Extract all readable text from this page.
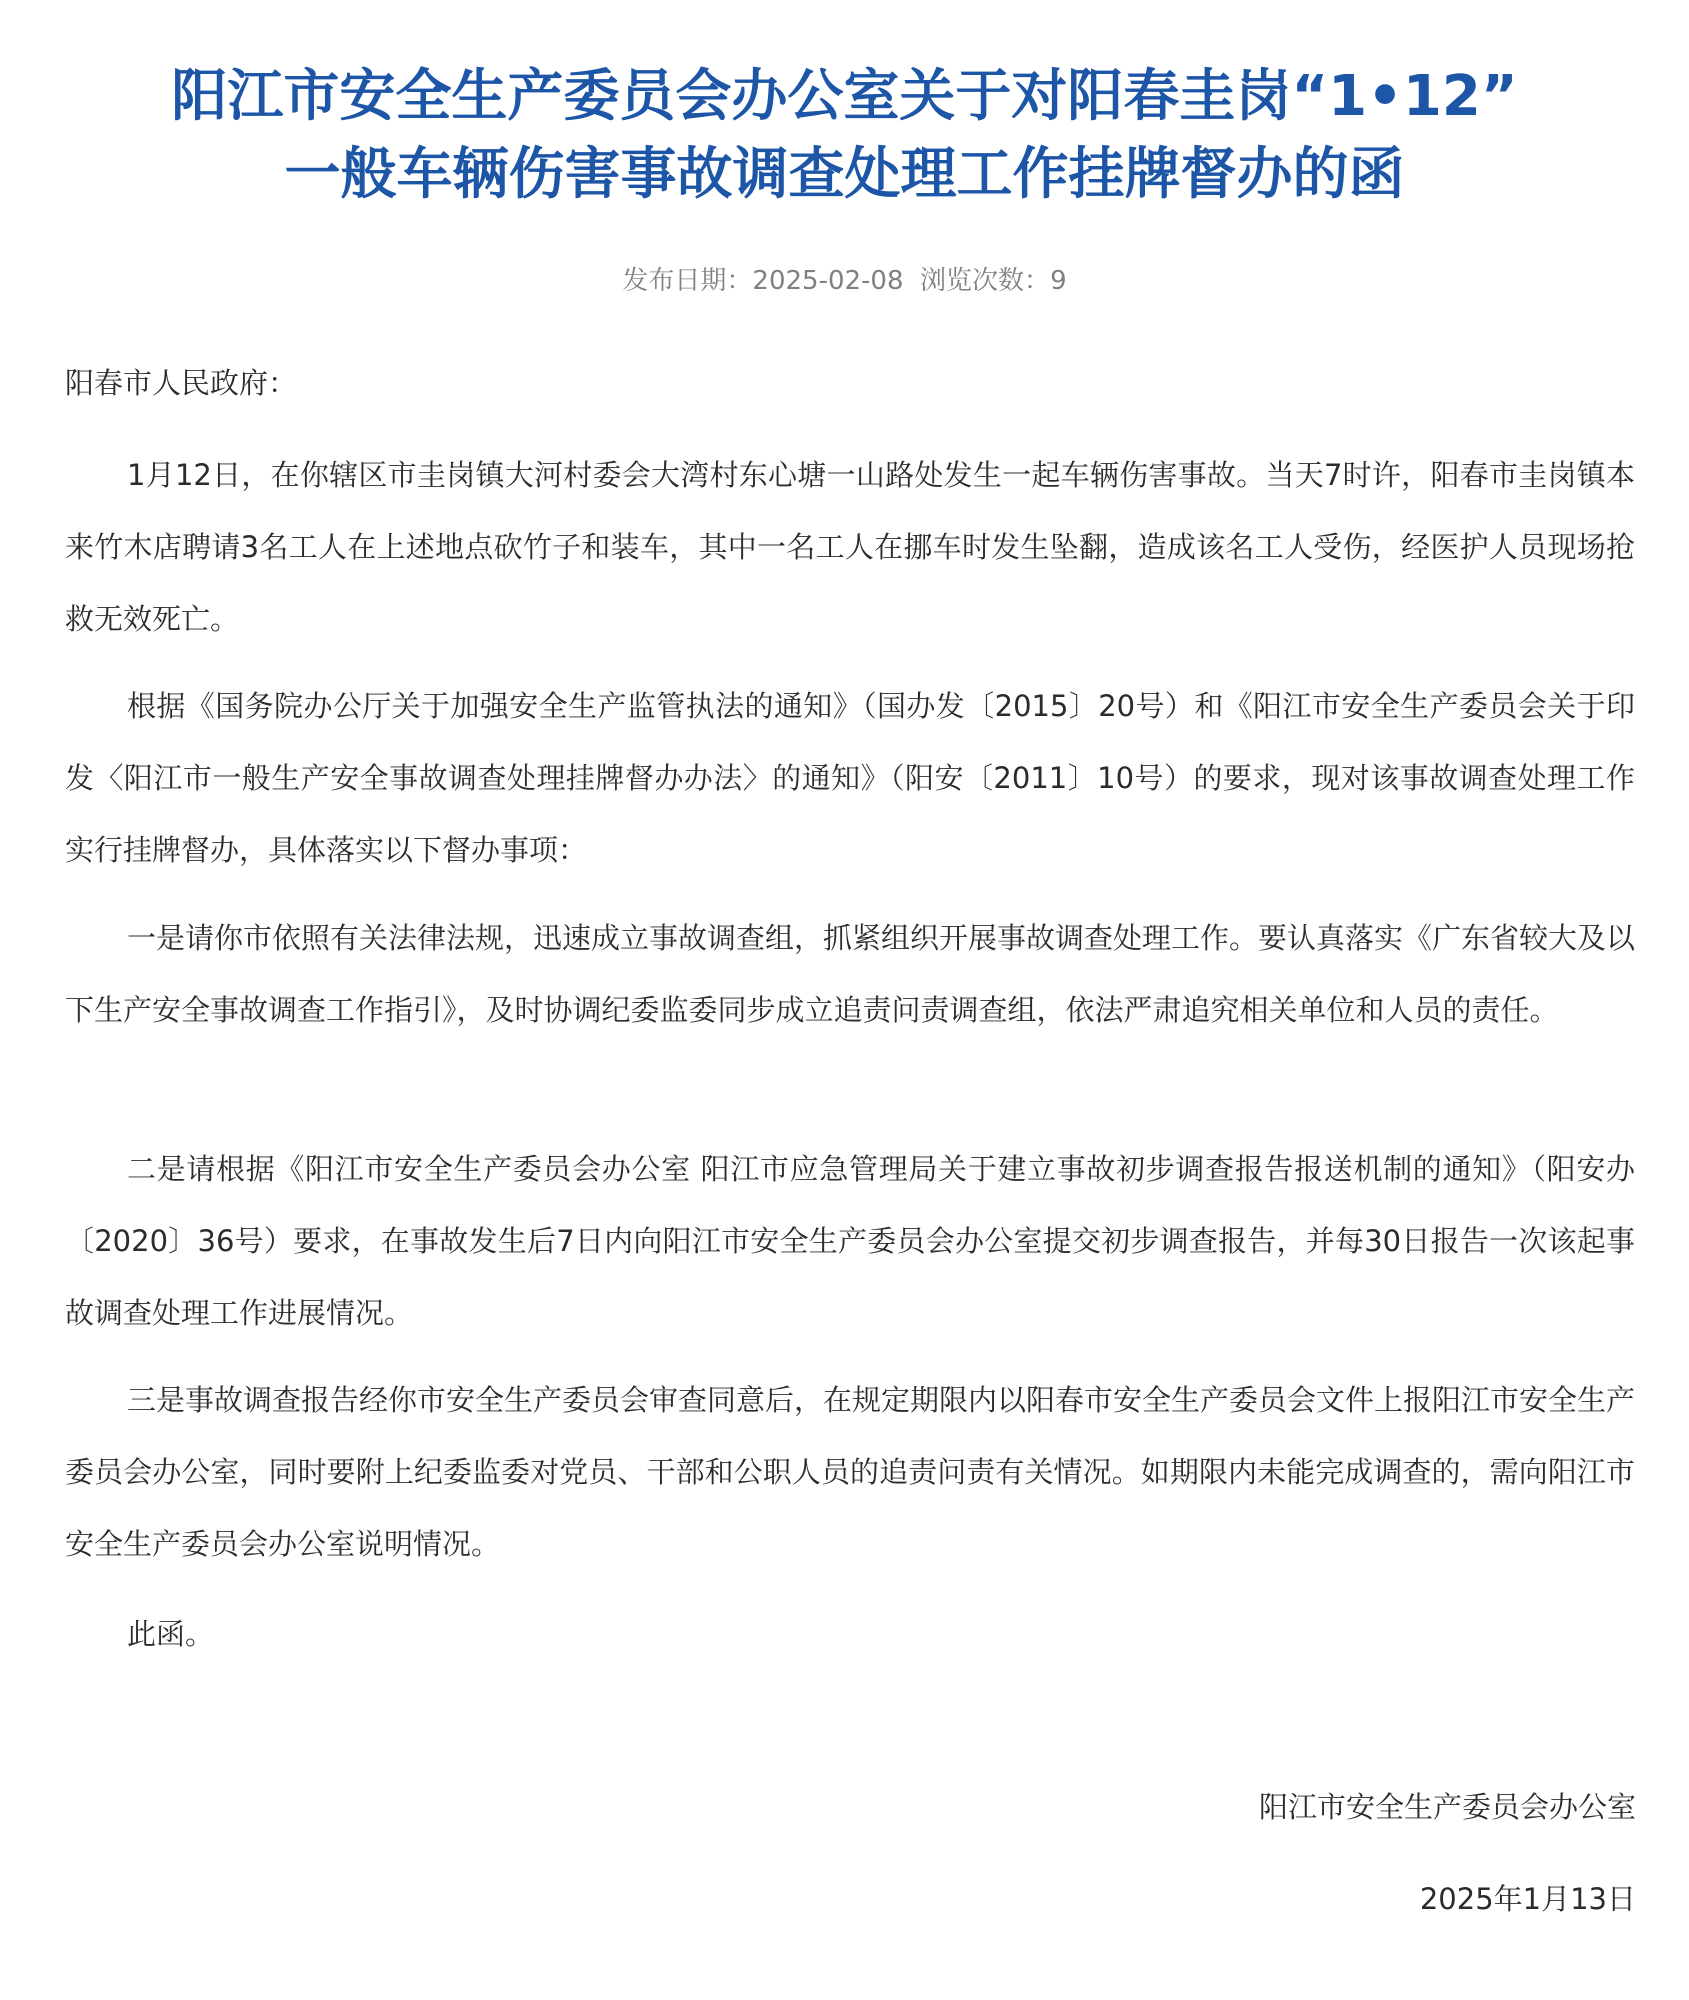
阳江市安全生产委员会办公室关于对阳春圭岗“1•12”
一般车辆伤害事故调查处理工作挂牌督办的函
发布日期：2025-02-08 浏览次数：9
阳春市人民政府：

1月12日，在你辖区市圭岗镇大河村委会大湾村东心塘一山路处发生一起车辆伤害事故。当天7时许，阳春市圭岗镇本来竹木店聘请3名工人在上述地点砍竹子和装车，其中一名工人在挪车时发生坠翻，造成该名工人受伤，经医护人员现场抢救无效死亡。

根据《国务院办公厅关于加强安全生产监管执法的通知》（国办发〔2015〕20号）和《阳江市安全生产委员会关于印发〈阳江市一般生产安全事故调查处理挂牌督办办法〉的通知》（阳安〔2011〕10号）的要求，现对该事故调查处理工作实行挂牌督办，具体落实以下督办事项：

一是请你市依照有关法律法规，迅速成立事故调查组，抓紧组织开展事故调查处理工作。要认真落实《广东省较大及以下生产安全事故调查工作指引》，及时协调纪委监委同步成立追责问责调查组，依法严肃追究相关单位和人员的责任。

二是请根据《阳江市安全生产委员会办公室 阳江市应急管理局关于建立事故初步调查报告报送机制的通知》（阳安办〔2020〕36号）要求，在事故发生后7日内向阳江市安全生产委员会办公室提交初步调查报告，并每30日报告一次该起事故调查处理工作进展情况。

三是事故调查报告经你市安全生产委员会审查同意后，在规定期限内以阳春市安全生产委员会文件上报阳江市安全生产委员会办公室，同时要附上纪委监委对党员、干部和公职人员的追责问责有关情况。如期限内未能完成调查的，需向阳江市安全生产委员会办公室说明情况。

此函。

阳江市安全生产委员会办公室
2025年1月13日
